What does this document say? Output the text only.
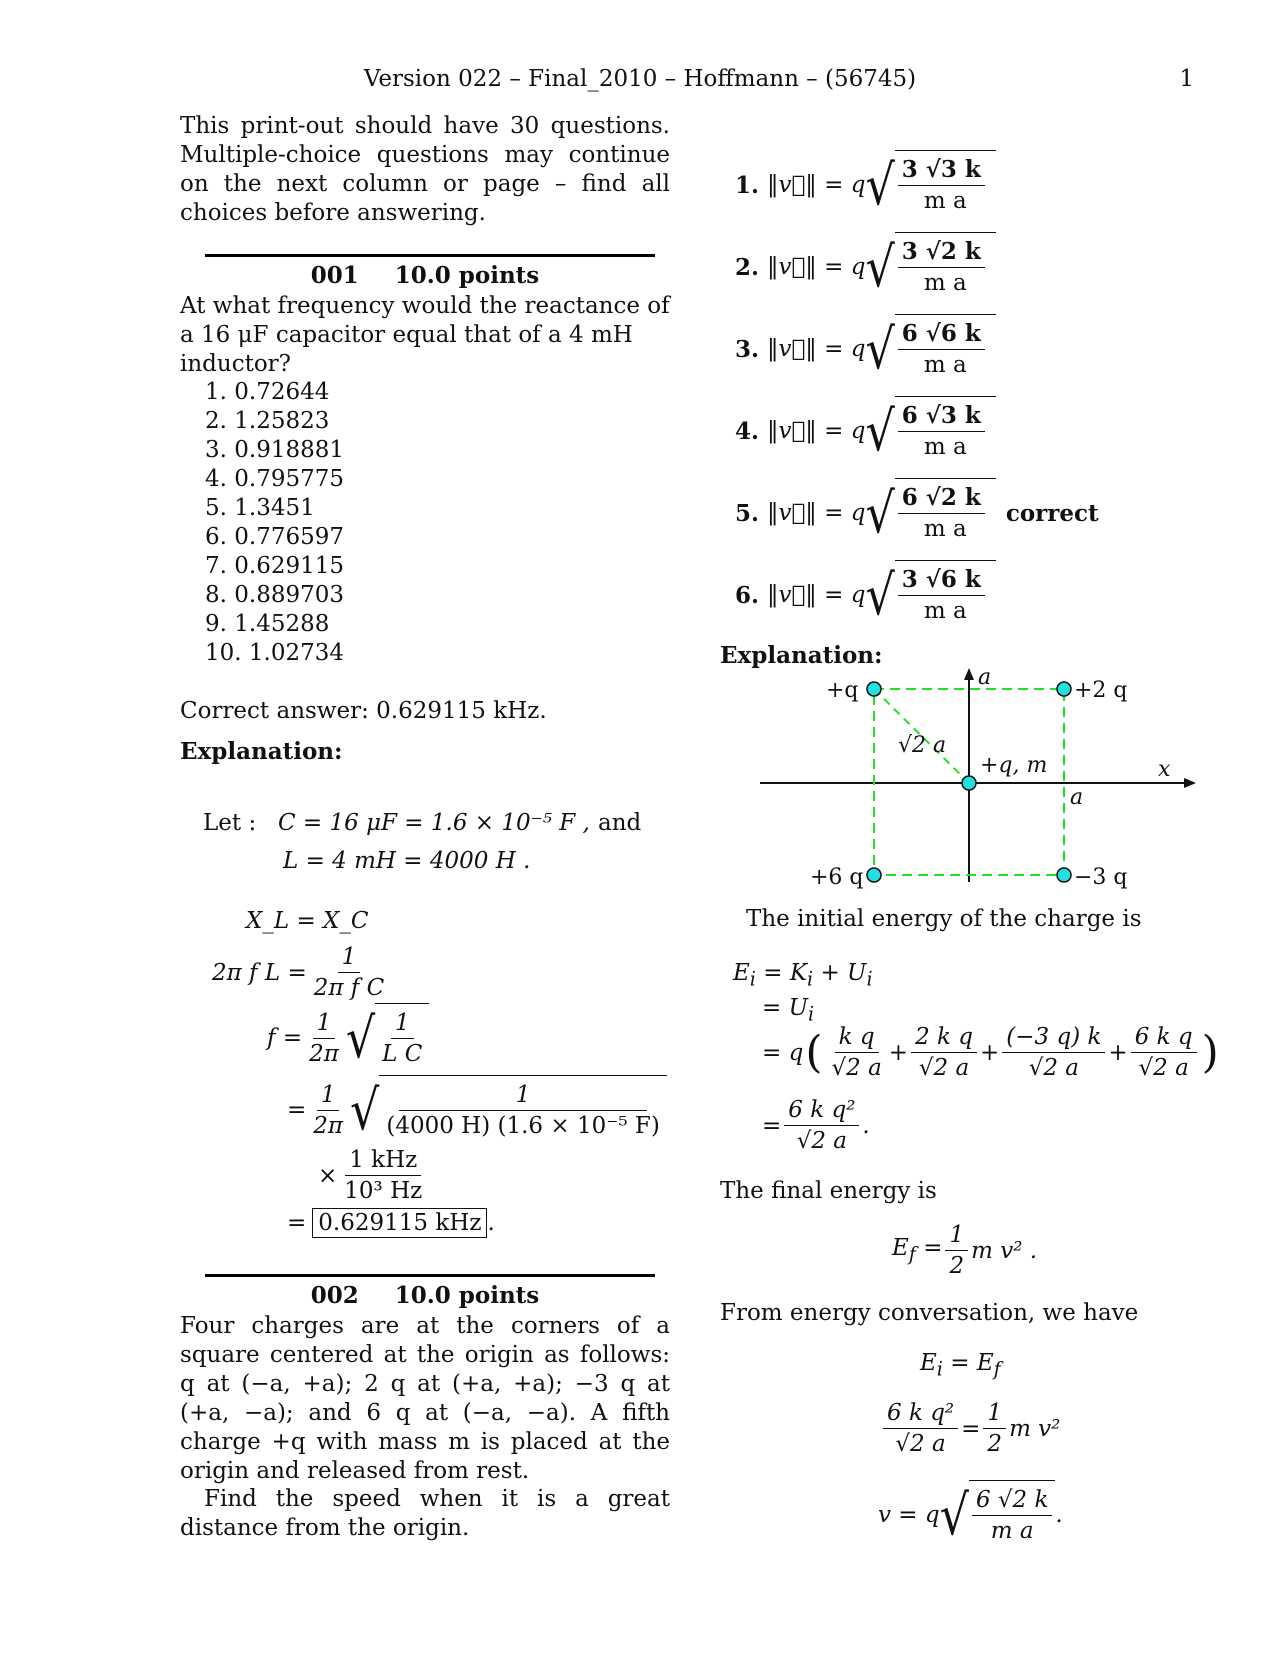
Version 022 – Final_2010 – Hoffmann – (56745)	1
This print-out should have 30 questions. Multiple-choice questions may continue on the next column or page – find all choices before answering.
001 10.0 points
At what frequency would the reactance of a 16 μF capacitor equal that of a 4 mH inductor?
1. 0.72644
2. 1.25823
3. 0.918881
4. 0.795775
5. 1.3451
6. 0.776597
7. 0.629115
8. 0.889703
9. 1.45288
10. 1.02734
Correct answer: 0.629115 kHz.
Explanation:
Let : C = 16 μF = 1.6 × 10⁻⁵ F , and
L = 4 mH = 4000 H .
X_L = X_C
2π f $L = \frac{1}{\text{2π f C}}$
$f = \frac{1}{2\pi}$ √ $\frac{1}{\text{L C}}$
= $\frac{1}{2\pi}$ √ $\frac{1}{\text{(4000 H) (1.6 × 10⁻⁵ F)}}$
× $\frac{\text{1 kHz}}{\text{10³ Hz}}$
= 0.629115 kHz .
002 10.0 points
Four charges are at the corners of a square centered at the origin as follows: q at (−a, +a); 2 q at (+a, +a); −3 q at (+a, −a); and 6 q at (−a, −a). A fifth charge +q with mass m is placed at the origin and released from rest.
Find the speed when it is a great distance from the origin.
1. ‖v⃗‖ = q √ $\frac{3 √3 k}{\text{m a}}$
2. ‖v⃗‖ = q √ $\frac{3 √2 k}{\text{m a}}$
3. ‖v⃗‖ = q √ $\frac{6 √6 k}{\text{m a}}$
4. ‖v⃗‖ = q √ $\frac{6 √3 k}{\text{m a}}$
5. ‖v⃗‖ = q √ $\frac{6 √2 k}{\text{m a}}$ correct
6. ‖v⃗‖ = q √ $\frac{3 √6 k}{\text{m a}}$
Explanation:
+q	+2 q
+6 q	−3 q
+q, m
√2 a
a
a
x
The initial energy of the charge is
$E_i = K_i + U_i$
= $U_i$
= q ( $\frac{\text{k q}}{√2 a} + \frac{\text{2 k q}}{√2 a} + \frac{(-3 q) k}{√2 a} + \frac{\text{6 k q}}{√2 a}$ )
= $\frac{\text{6 k q²}}{√2 a}$ .
The final energy is
$E_f = \frac{1}{2}$ m v² .
From energy conversation, we have
$E_i = E_f$
$\frac{\text{6 k q²}}{√2 a} = \frac{1}{2}$ m v²
v = q √ $\frac{6 √2 k}{\text{m a}}$ .
